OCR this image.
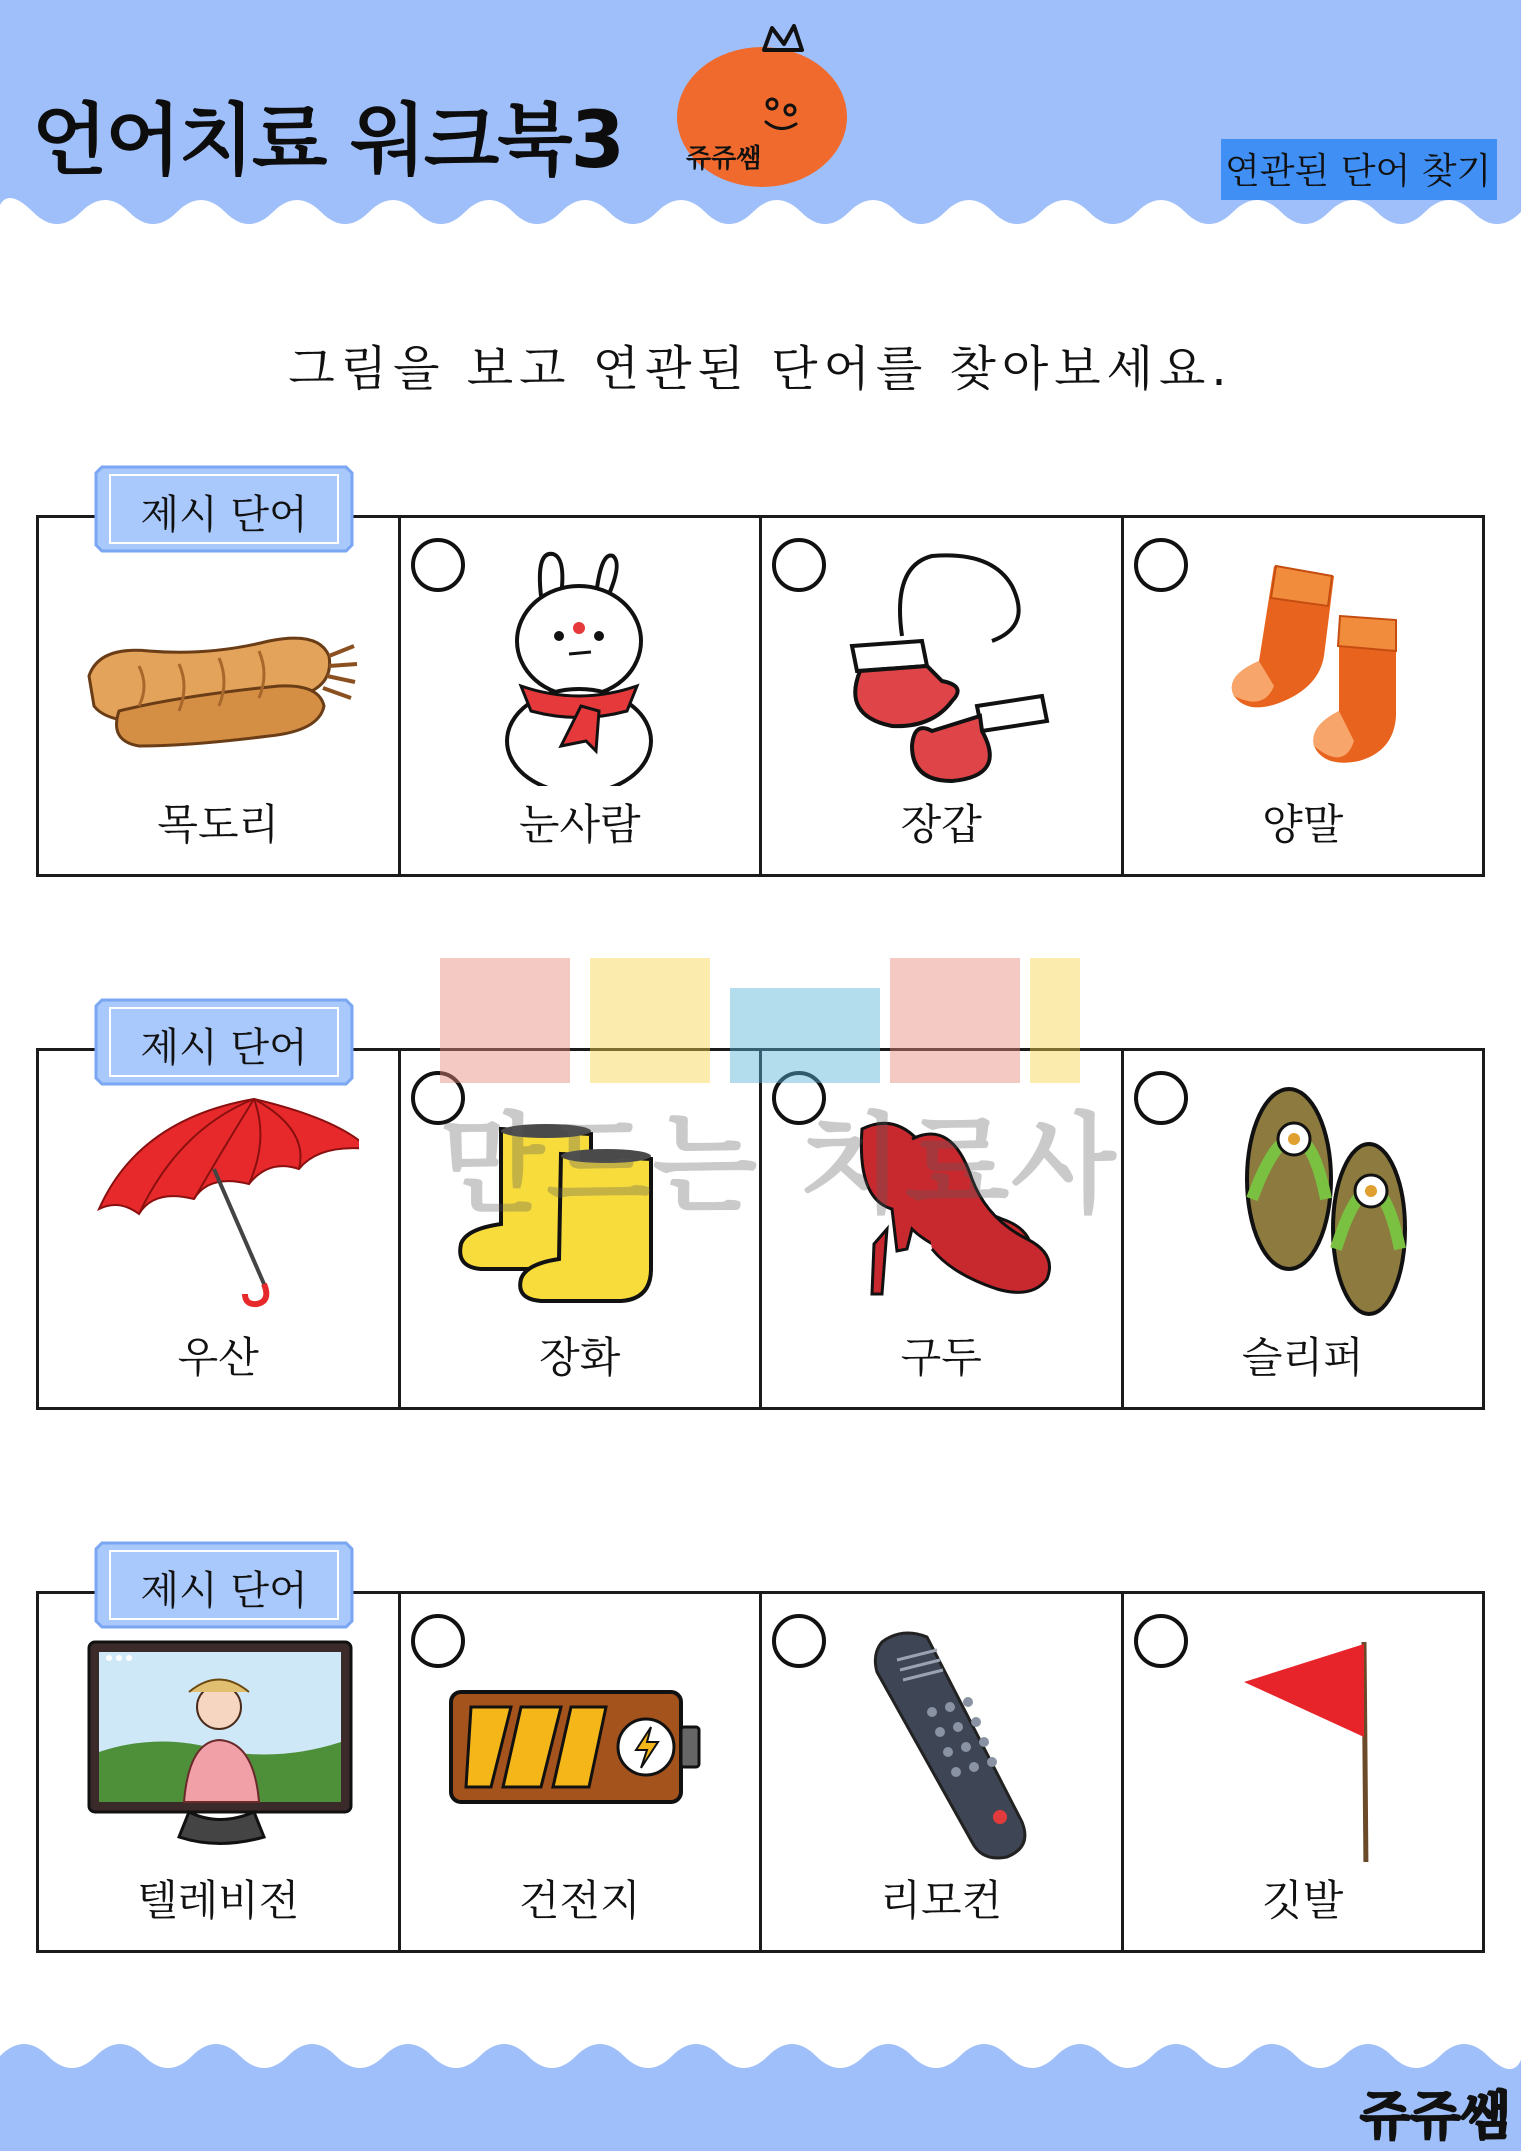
언어치료 워크북3 쥬쥬쌤	연관된 단어 찾기
그림을 보고 연관된 단어를 찾아보세요.
목도리	눈사람	장갑	양말
제시 단어
우산	장화	구두	슬리퍼
제시 단어
텔레비전	건전지	리모컨	깃발
제시 단어
만드는 치료사
쥬쥬쌤
